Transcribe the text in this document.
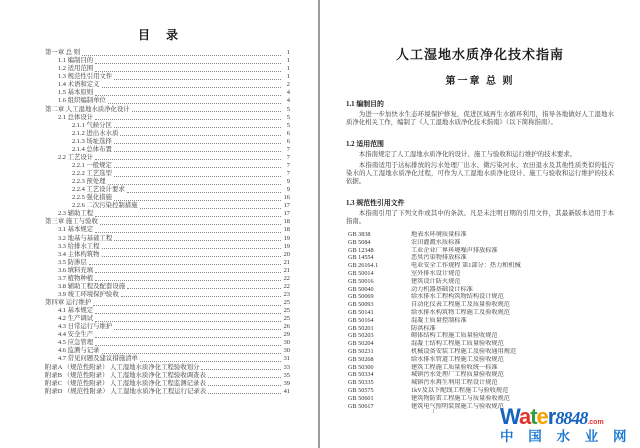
目　录
第一章 总 则	1
1.1 编制目的	1
1.2 适用范围	1
1.3 规范性引用文件	1
1.4 术语和定义	2
1.5 基本原则	4
1.6 组织编制单位	4
第二章 人工湿地水质净化设计	5
2.1 总体设计	5
2.1.1 气候分区	5
2.1.2 进出水水质	6
2.1.3 场址选择	6
2.1.4 总体布置	7
2.2 工艺设计	7
2.2.1 一般规定	7
2.2.2 工艺选型	7
2.2.3 预处理	9
2.2.4 工艺设计要求	9
2.2.5 强化措施	16
2.2.6 二次污染控制措施	17
2.3 辅助工程	17
第三章 施工与验收	18
3.1 基本规定	18
3.2 地基与基础工程	19
3.3 给排水工程	19
3.4 主体构筑物	20
3.5 防渗层	21
3.6 填料充填	21
3.7 植物种植	22
3.8 辅助工程及配套设施	22
3.9 竣工环境保护验收	23
第四章 运行维护	25
4.1 基本规定	25
4.2 生产调试	25
4.3 日常运行与维护	26
4.4 安全生产	29
4.5 应急管理	30
4.6 监测与记录	30
4.7 常见问题及建议措施清单	31
附录A （规范性附录） 人工湿地水质净化工程验收划分	33
附录B （规范性附录） 人工湿地水质净化工程验收调查表	35
附录C （规范性附录） 人工湿地水质净化工程监测记录表	39
附录D （规范性附录） 人工湿地水质净化工程运行记录表	41
人工湿地水质净化技术指南
第一章 总 则
1.1 编制目的
为进一步加快水生态环境保护修复，促进区域再生水循环利用，指导各地做好人工湿地水质净化相关工作，编制了《人工湿地水质净化技术指南》（以下简称指南）。
1.2 适用范围
本指南规定了人工湿地水质净化的设计、施工与验收和运行维护的技术要求。
本指南适用于达标排放的污水处理厂出水、微污染河水、农田退水及其他性质类似的低污染水的人工湿地水质净化过程，可作为人工湿地水质净化设计、施工与验收和运行维护的技术依据。
1.3 规范性引用文件
本指南引用了下列文件或其中的条款。凡是未注明日期的引用文件，其最新版本适用于本指南。
GB 3838	地表水环境质量标准
GB 5084	农田灌溉水质标准
GB 12348	工业企业厂界环境噪声排放标准
GB 14554	恶臭污染物排放标准
GB 26164.1	电业安全工作规程 第1部分：热力和机械
GB 50014	室外排水设计规范
GB 50016	建筑设计防火规范
GB 50040	动力机器基础设计标准
GB 50069	给水排水工程构筑物结构设计规范
GB 50093	自动化仪表工程施工及质量验收规范
GB 50141	给水排水构筑物工程施工及验收规范
GB 50164	混凝土质量控制标准
GB 50201	防洪标准
GB 50203	砌体结构工程施工质量验收规范
GB 50204	混凝土结构工程施工质量验收规范
GB 50231	机械设备安装工程施工及验收通用规范
GB 50268	给水排水管道工程施工及验收规范
GB 50300	建筑工程施工质量验收统一标准
GB 50334	城镇污水处理厂工程质量验收规范
GB 50335	城镇污水再生利用工程设计规范
GB 50575	1kV及以下配线工程施工与验收规范
GB 50601	建筑物防雷工程施工与质量验收规范
GB 50617	建筑电气照明装置施工与验收规范
1	Water8848.com
中 国 水 业 网
